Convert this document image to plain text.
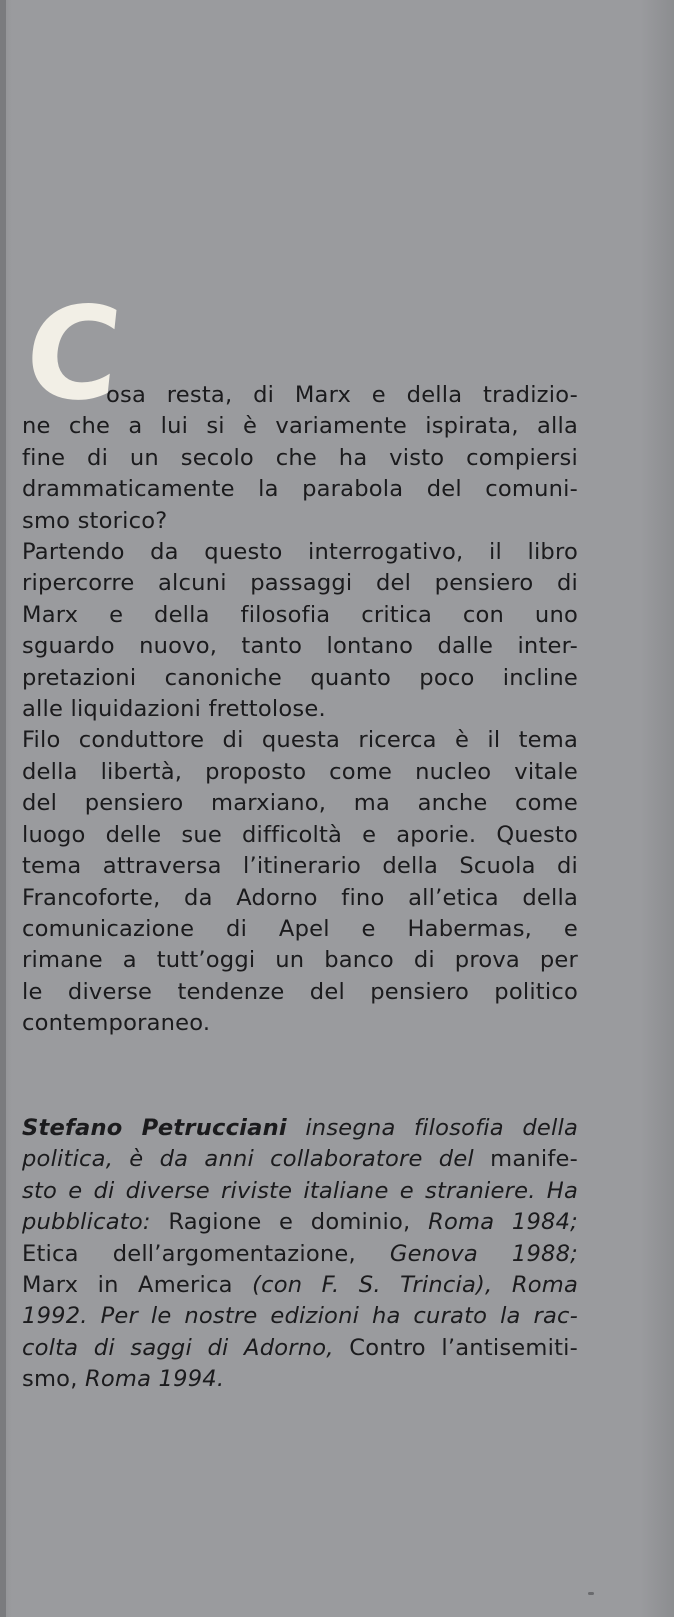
C
osa resta, di Marx e della tradizio-
ne che a lui si è variamente ispirata, alla
fine di un secolo che ha visto compiersi
drammaticamente la parabola del comuni-
smo storico?
Partendo da questo interrogativo, il libro
ripercorre alcuni passaggi del pensiero di
Marx e della filosofia critica con uno
sguardo nuovo, tanto lontano dalle inter-
pretazioni canoniche quanto poco incline
alle liquidazioni frettolose.
Filo conduttore di questa ricerca è il tema
della libertà, proposto come nucleo vitale
del pensiero marxiano, ma anche come
luogo delle sue difficoltà e aporie. Questo
tema attraversa l’itinerario della Scuola di
Francoforte, da Adorno fino all’etica della
comunicazione di Apel e Habermas, e
rimane a tutt’oggi un banco di prova per
le diverse tendenze del pensiero politico
contemporaneo.
Stefano Petrucciani insegna filosofia della
politica, è da anni collaboratore del manife-
sto e di diverse riviste italiane e straniere. Ha
pubblicato: Ragione e dominio, Roma 1984;
Etica dell’argomentazione, Genova 1988;
Marx in America (con F. S. Trincia), Roma
1992. Per le nostre edizioni ha curato la rac-
colta di saggi di Adorno, Contro l’antisemiti-
smo, Roma 1994.
